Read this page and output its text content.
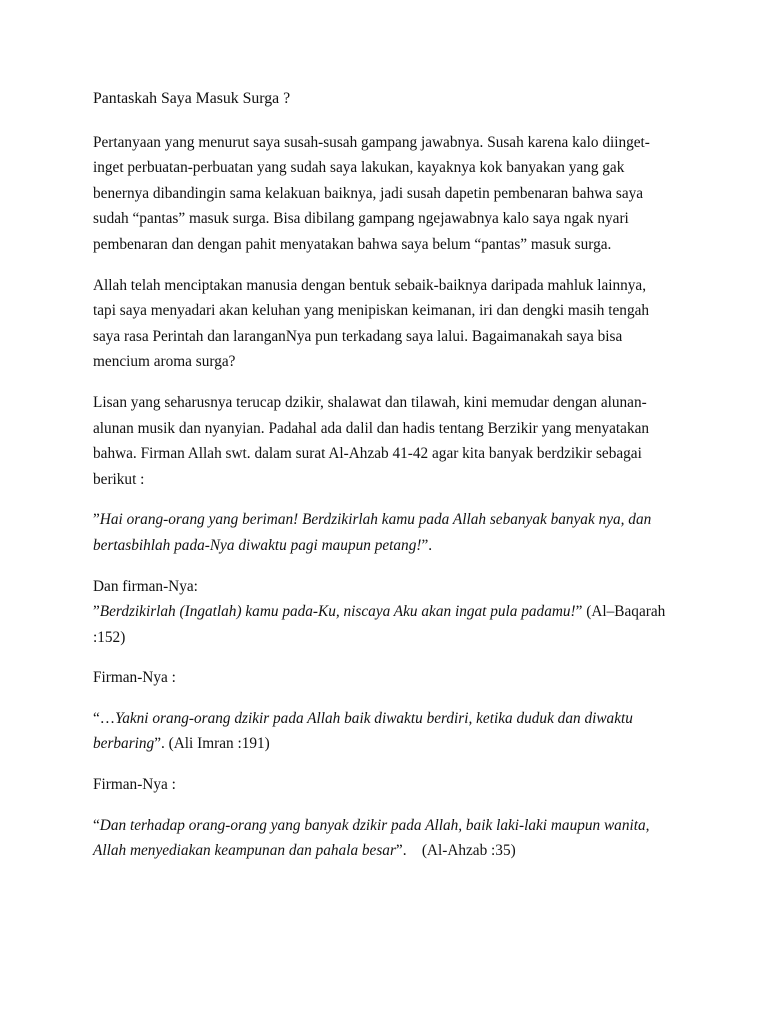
Pantaskah Saya Masuk Surga ?

Pertanyaan yang menurut saya susah-susah gampang jawabnya. Susah karena kalo diinget-inget perbuatan-perbuatan yang sudah saya lakukan, kayaknya kok banyakan yang gak benernya dibandingin sama kelakuan baiknya, jadi susah dapetin pembenaran bahwa saya sudah “pantas” masuk surga. Bisa dibilang gampang ngejawabnya kalo saya ngak nyari pembenaran dan dengan pahit menyatakan bahwa saya belum “pantas” masuk surga.

Allah telah menciptakan manusia dengan bentuk sebaik-baiknya daripada mahluk lainnya, tapi saya menyadari akan keluhan yang menipiskan keimanan, iri dan dengki masih tengah saya rasa Perintah dan laranganNya pun terkadang saya lalui. Bagaimanakah saya bisa mencium aroma surga?

Lisan yang seharusnya terucap dzikir, shalawat dan tilawah, kini memudar dengan alunan-alunan musik dan nyanyian. Padahal ada dalil dan hadis tentang Berzikir yang menyatakan bahwa. Firman Allah swt. dalam surat Al-Ahzab 41-42 agar kita banyak berdzikir sebagai berikut :

”Hai orang-orang yang beriman! Berdzikirlah kamu pada Allah sebanyak banyak nya, dan bertasbihlah pada-Nya diwaktu pagi maupun petang!”.

Dan firman-Nya:
”Berdzikirlah (Ingatlah) kamu pada-Ku, niscaya Aku akan ingat pula padamu!” (Al–Baqarah :152)

Firman-Nya :

“…Yakni orang-orang dzikir pada Allah baik diwaktu berdiri, ketika duduk dan diwaktu berbaring”. (Ali Imran :191)

Firman-Nya :

“Dan terhadap orang-orang yang banyak dzikir pada Allah, baik laki-laki maupun wanita, Allah menyediakan keampunan dan pahala besar”.    (Al-Ahzab :35)
